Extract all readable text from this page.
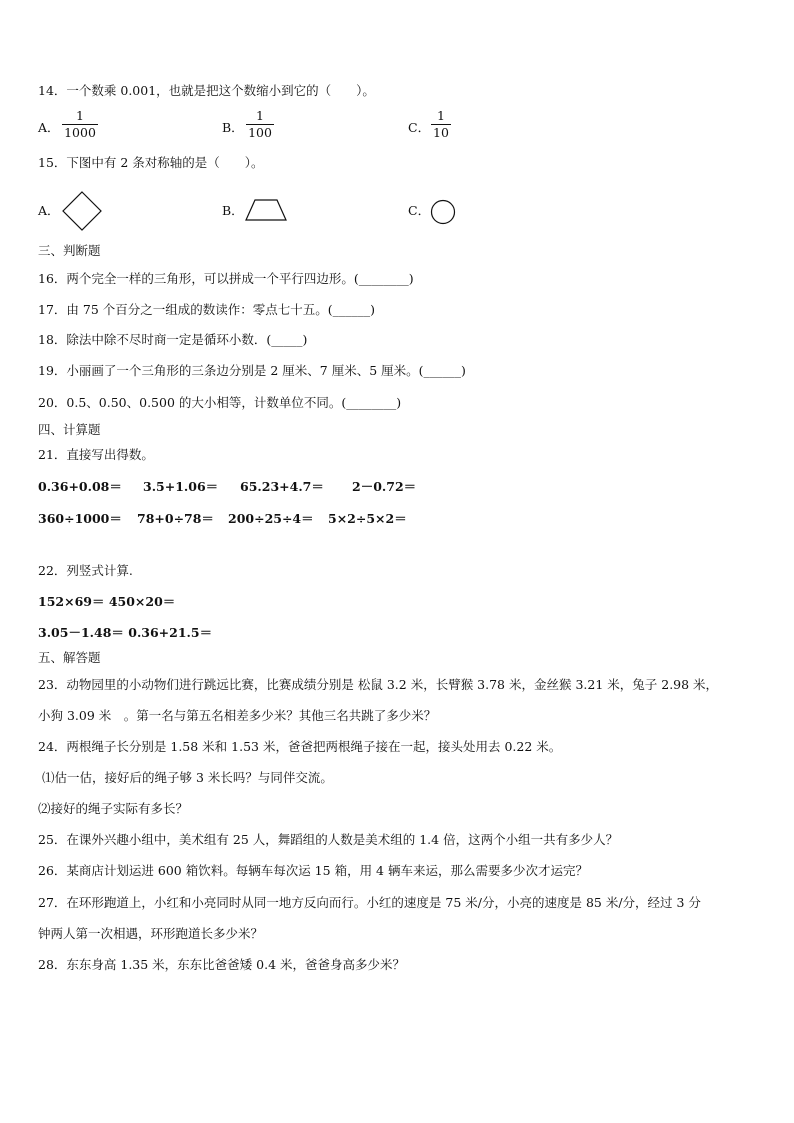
14．一个数乘 0.001，也就是把这个数缩小到它的（　　）。
A．
1
1000	B．
1
100	C．
1
10
15．下图中有 2 条对称轴的是（　　）。
A．	B．	C．
三、判断题
16．两个完全一样的三角形，可以拼成一个平行四边形。(________)
17．由 75 个百分之一组成的数读作：零点七十五。(______)
18．除法中除不尽时商一定是循环小数．(_____)
19．小丽画了一个三角形的三条边分别是 2 厘米、7 厘米、5 厘米。(______)
20．0.5、0.50、0.500 的大小相等，计数单位不同。(________)
四、计算题
21．直接写出得数。
0.36+0.08＝ 3.5+1.06＝ 65.23+4.7＝ 2－0.72＝
360÷1000＝ 78+0÷78＝ 200÷25÷4＝ 5×2÷5×2＝
22．列竖式计算.
152×69＝ 450×20＝
3.05－1.48＝ 0.36+21.5＝
五、解答题
23．动物园里的小动物们进行跳远比赛，比赛成绩分别是 松鼠 3.2 米，长臂猴 3.78 米，金丝猴 3.21 米，兔子 2.98 米，
小狗 3.09 米　。第一名与第五名相差多少米？其他三名共跳了多少米？
24．两根绳子长分别是 1.58 米和 1.53 米，爸爸把两根绳子接在一起，接头处用去 0.22 米。
⑴估一估，接好后的绳子够 3 米长吗？与同伴交流。
⑵接好的绳子实际有多长？
25．在课外兴趣小组中，美术组有 25 人，舞蹈组的人数是美术组的 1.4 倍，这两个小组一共有多少人？
26．某商店计划运进 600 箱饮料。每辆车每次运 15 箱，用 4 辆车来运，那么需要多少次才运完？
27．在环形跑道上，小红和小亮同时从同一地方反向而行。小红的速度是 75 米/分，小亮的速度是 85 米/分，经过 3 分
钟两人第一次相遇，环形跑道长多少米？
28．东东身高 1.35 米，东东比爸爸矮 0.4 米，爸爸身高多少米？
